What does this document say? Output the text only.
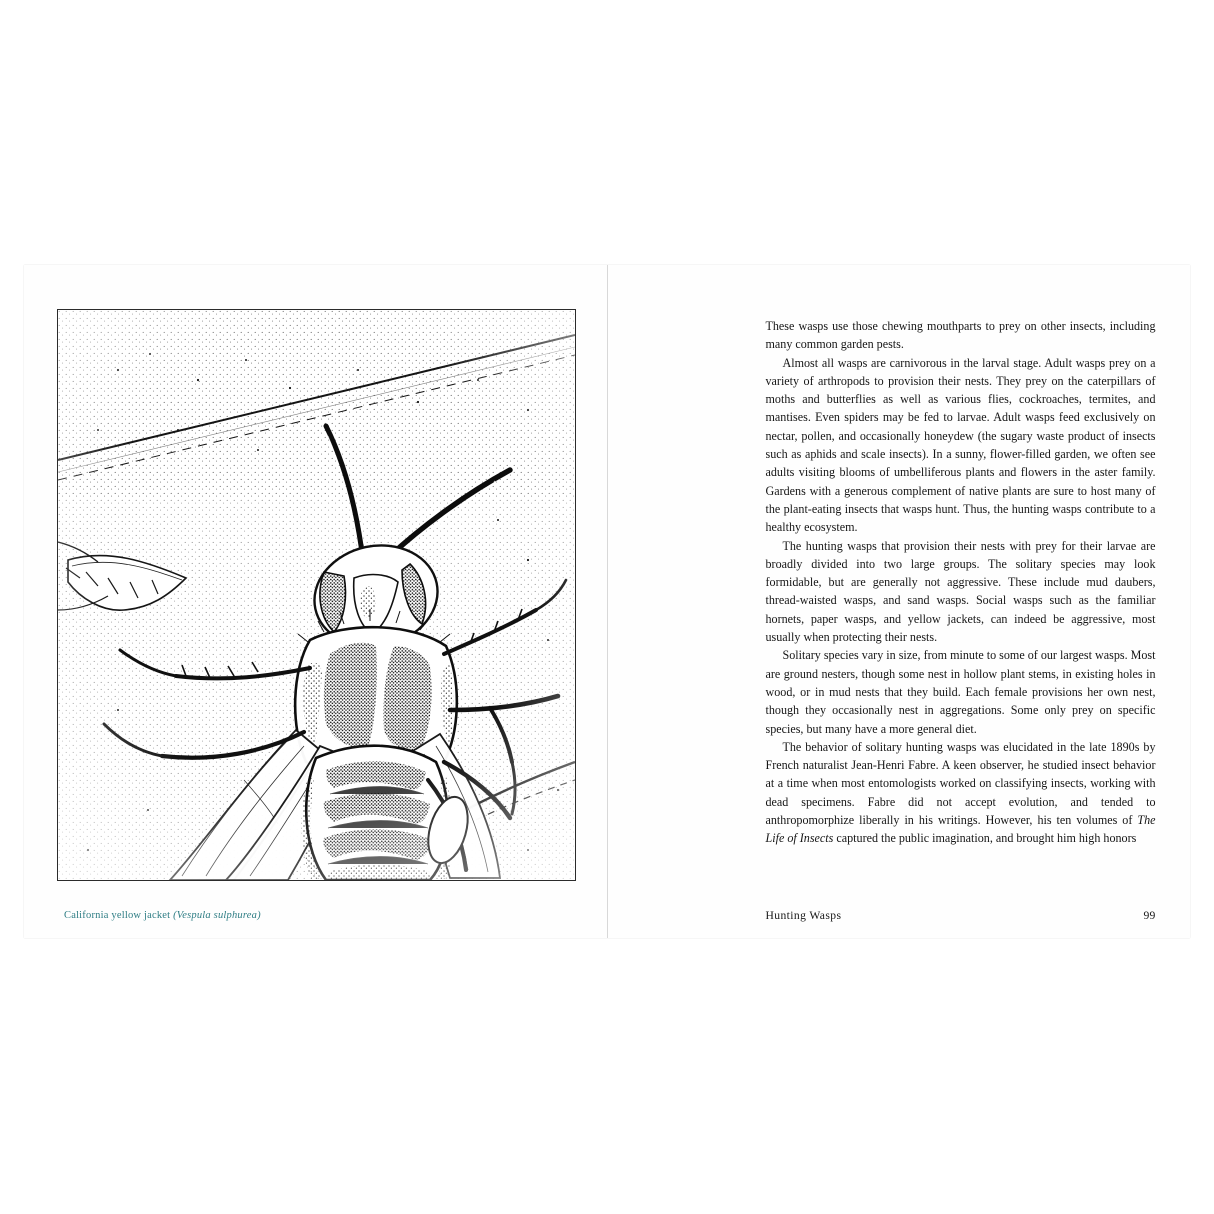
California yellow jacket (Vespula sulphurea)

These wasps use those chewing mouthparts to prey on other insects, including many common garden pests.

Almost all wasps are carnivorous in the larval stage. Adult wasps prey on a variety of arthropods to provision their nests. They prey on the caterpillars of moths and butterflies as well as various flies, cockroaches, termites, and mantises. Even spiders may be fed to larvae. Adult wasps feed exclusively on nectar, pollen, and occasionally honeydew (the sugary waste product of insects such as aphids and scale insects). In a sunny, flower-filled garden, we often see adults visiting blooms of umbelliferous plants and flowers in the aster family. Gardens with a generous complement of native plants are sure to host many of the plant-eating insects that wasps hunt. Thus, the hunting wasps contribute to a healthy ecosystem.

The hunting wasps that provision their nests with prey for their larvae are broadly divided into two large groups. The solitary species may look formidable, but are generally not aggressive. These include mud daubers, thread-waisted wasps, and sand wasps. Social wasps such as the familiar hornets, paper wasps, and yellow jackets, can indeed be aggressive, most usually when protecting their nests.

Solitary species vary in size, from minute to some of our largest wasps. Most are ground nesters, though some nest in hollow plant stems, in existing holes in wood, or in mud nests that they build. Each female provisions her own nest, though they occasionally nest in aggregations. Some only prey on specific species, but many have a more general diet.

The behavior of solitary hunting wasps was elucidated in the late 1890s by French naturalist Jean-Henri Fabre. A keen observer, he studied insect behavior at a time when most entomologists worked on classifying insects, working with dead specimens. Fabre did not accept evolution, and tended to anthropomorphize liberally in his writings. However, his ten volumes of The Life of Insects captured the public imagination, and brought him high honors

Hunting Wasps	99
